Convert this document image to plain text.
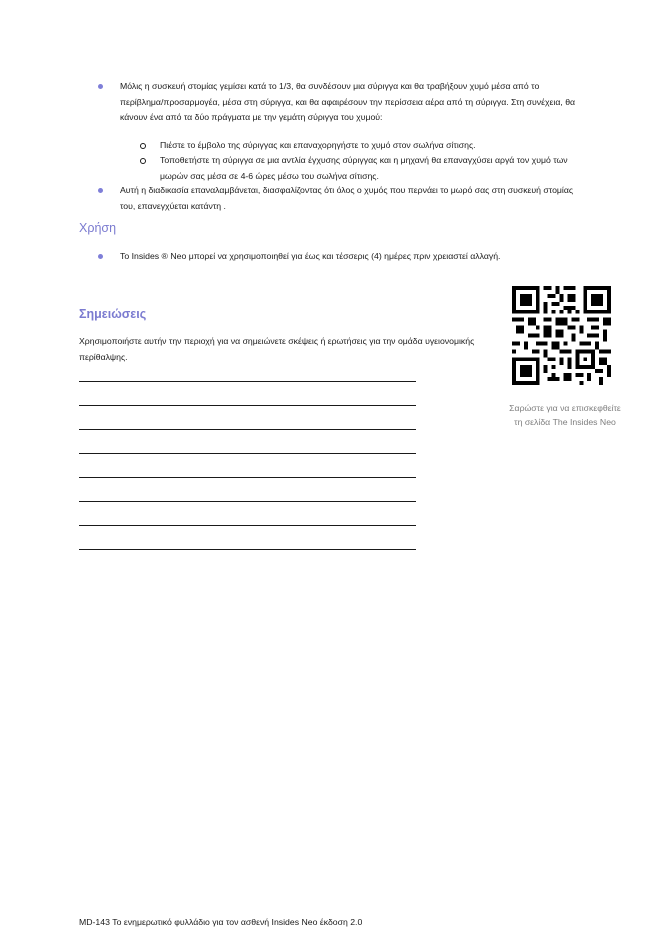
Μόλις η συσκευή στομίας γεμίσει κατά το 1/3, θα συνδέσουν μια σύριγγα και θα τραβήξουν χυμό μέσα από το περίβλημα/προσαρμογέα, μέσα στη σύριγγα, και θα αφαιρέσουν την περίσσεια αέρα από τη σύριγγα. Στη συνέχεια, θα κάνουν ένα από τα δύο πράγματα με την γεμάτη σύριγγα του χυμού:

Πιέστε το έμβολο της σύριγγας και επαναχορηγήστε το χυμό στον σωλήνα σίτισης.

Τοποθετήστε τη σύριγγα σε μια αντλία έγχυσης σύριγγας και η μηχανή θα επαναγχύσει αργά τον χυμό των μωρών σας μέσα σε 4-6 ώρες μέσω του σωλήνα σίτισης.

Αυτή η διαδικασία επαναλαμβάνεται, διασφαλίζοντας ότι όλος ο χυμός που περνάει το μωρό σας στη συσκευή στομίας του, επανεγχύεται κατάντη .

Χρήση

Το Insides ® Neo μπορεί να χρησιμοποιηθεί για έως και τέσσερις (4) ημέρες πριν χρειαστεί αλλαγή.

Σημειώσεις

Χρησιμοποιήστε αυτήν την περιοχή για να σημειώνετε σκέψεις ή ερωτήσεις για την ομάδα υγειονομικής περίθαλψης.

Σαρώστε για να επισκεφθείτε
τη σελίδα The Insides Neo

MD-143 Το ενημερωτικό φυλλάδιο για τον ασθενή Insides Neo έκδοση 2.0
